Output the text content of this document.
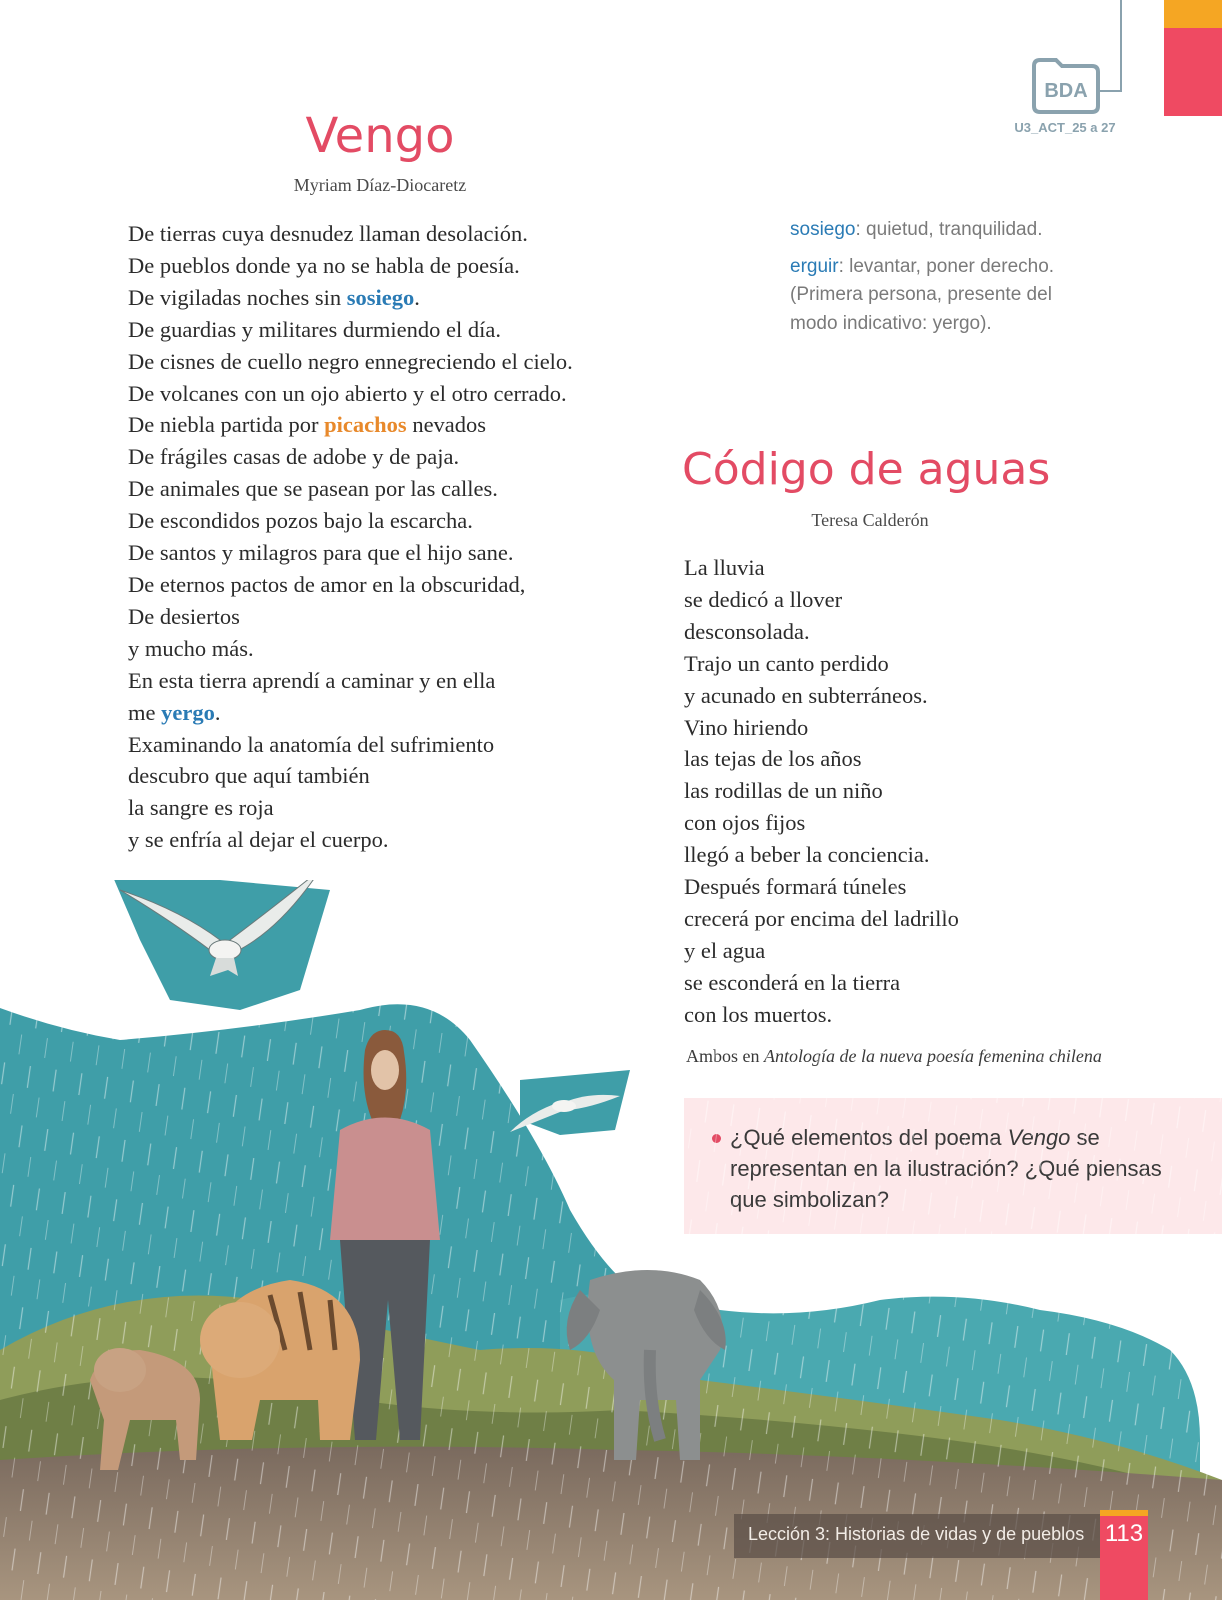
BDA
U3_ACT_25 a 27
Vengo
Myriam Díaz-Diocaretz
De tierras cuya desnudez llaman desolación.
De pueblos donde ya no se habla de poesía.
De vigiladas noches sin sosiego.
De guardias y militares durmiendo el día.
De cisnes de cuello negro ennegreciendo el cielo.
De volcanes con un ojo abierto y el otro cerrado.
De niebla partida por picachos nevados
De frágiles casas de adobe y de paja.
De animales que se pasean por las calles.
De escondidos pozos bajo la escarcha.
De santos y milagros para que el hijo sane.
De eternos pactos de amor en la obscuridad,
De desiertos
y mucho más.
En esta tierra aprendí a caminar y en ella
me yergo.
Examinando la anatomía del sufrimiento
descubro que aquí también
la sangre es roja
y se enfría al dejar el cuerpo.
sosiego: quietud, tranquilidad.
erguir: levantar, poner derecho. (Primera persona, presente del modo indicativo: yergo).
Código de aguas
Teresa Calderón
La lluvia
se dedicó a llover
desconsolada.
Trajo un canto perdido
y acunado en subterráneos.
Vino hiriendo
las tejas de los años
las rodillas de un niño
con ojos fijos
llegó a beber la conciencia.
Lección 3: Historias de vidas y de pueblos 113
